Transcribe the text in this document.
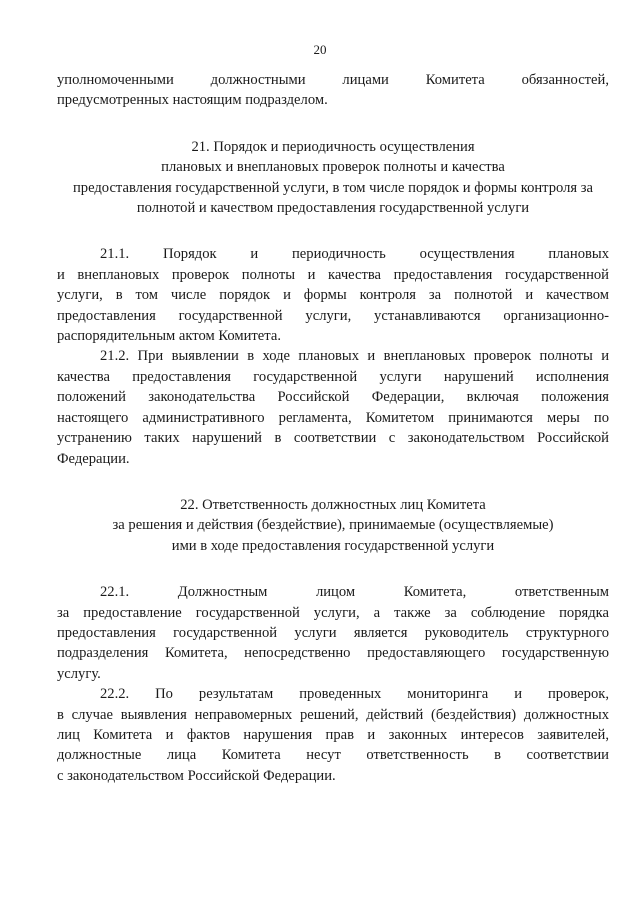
20

уполномоченными должностными лицами Комитета обязанностей,

предусмотренных настоящим подразделом.

21. Порядок и периодичность осуществления

плановых и внеплановых проверок полноты и качества

предоставления государственной услуги, в том числе порядок и формы контроля за

полнотой и качеством предоставления государственной услуги

21.1. Порядок и периодичность осуществления плановых

и внеплановых проверок полноты и качества предоставления государственной

услуги, в том числе порядок и формы контроля за полнотой и качеством

предоставления государственной услуги, устанавливаются организационно-

распорядительным актом Комитета.

21.2. При выявлении в ходе плановых и внеплановых проверок полноты и

качества предоставления государственной услуги нарушений исполнения

положений законодательства Российской Федерации, включая положения

настоящего административного регламента, Комитетом принимаются меры по

устранению таких нарушений в соответствии с законодательством Российской

Федерации.

22. Ответственность должностных лиц Комитета

за решения и действия (бездействие), принимаемые (осуществляемые)

ими в ходе предоставления государственной услуги

22.1. Должностным лицом Комитета, ответственным

за предоставление государственной услуги, а также за соблюдение порядка

предоставления государственной услуги является руководитель структурного

подразделения Комитета, непосредственно предоставляющего государственную

услугу.

22.2. По результатам проведенных мониторинга и проверок,

в случае выявления неправомерных решений, действий (бездействия) должностных

лиц Комитета и фактов нарушения прав и законных интересов заявителей,

должностные лица Комитета несут ответственность в соответствии

с законодательством Российской Федерации.
